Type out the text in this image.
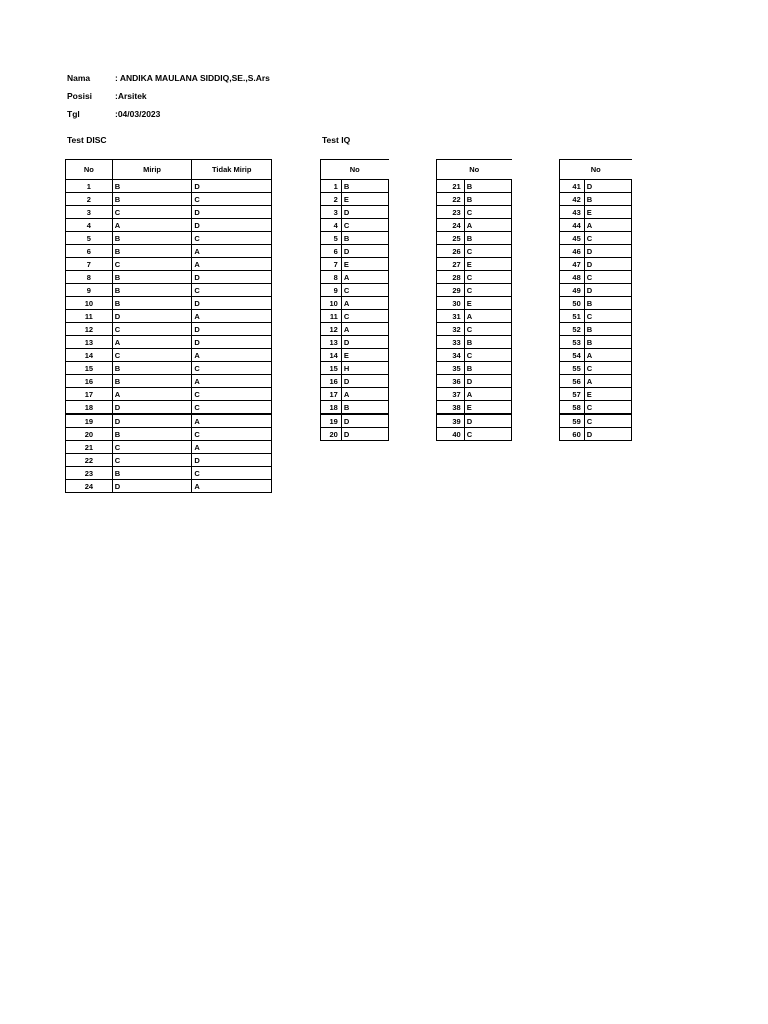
Nama	: ANDIKA MAULANA SIDDIQ,SE.,S.Ars
Posisi	:Arsitek
Tgl	:04/03/2023
Test DISC	Test IQ
No	Mirip	Tidak Mirip
1	B	D
2	B	C
3	C	D
4	A	D
5	B	C
6	B	A
7	C	A
8	B	D
9	B	C
10	B	D
11	D	A
12	C	D
13	A	D
14	C	A
15	B	C
16	B	A
17	A	C
18	D	C
19	D	A
20	B	C
21	C	A
22	C	D
23	B	C
24	D	A
No	
1	B
2	E
3	D
4	C
5	B
6	D
7	E
8	A
9	C
10	A
11	C
12	A
13	D
14	E
15	H
16	D
17	A
18	B
19	D
20	D
No	
21	B
22	B
23	C
24	A
25	B
26	C
27	E
28	C
29	C
30	E
31	A
32	C
33	B
34	C
35	B
36	D
37	A
38	E
39	D
40	C
No	
41	D
42	B
43	E
44	A
45	C
46	D
47	D
48	C
49	D
50	B
51	C
52	B
53	B
54	A
55	C
56	A
57	E
58	C
59	C
60	D
